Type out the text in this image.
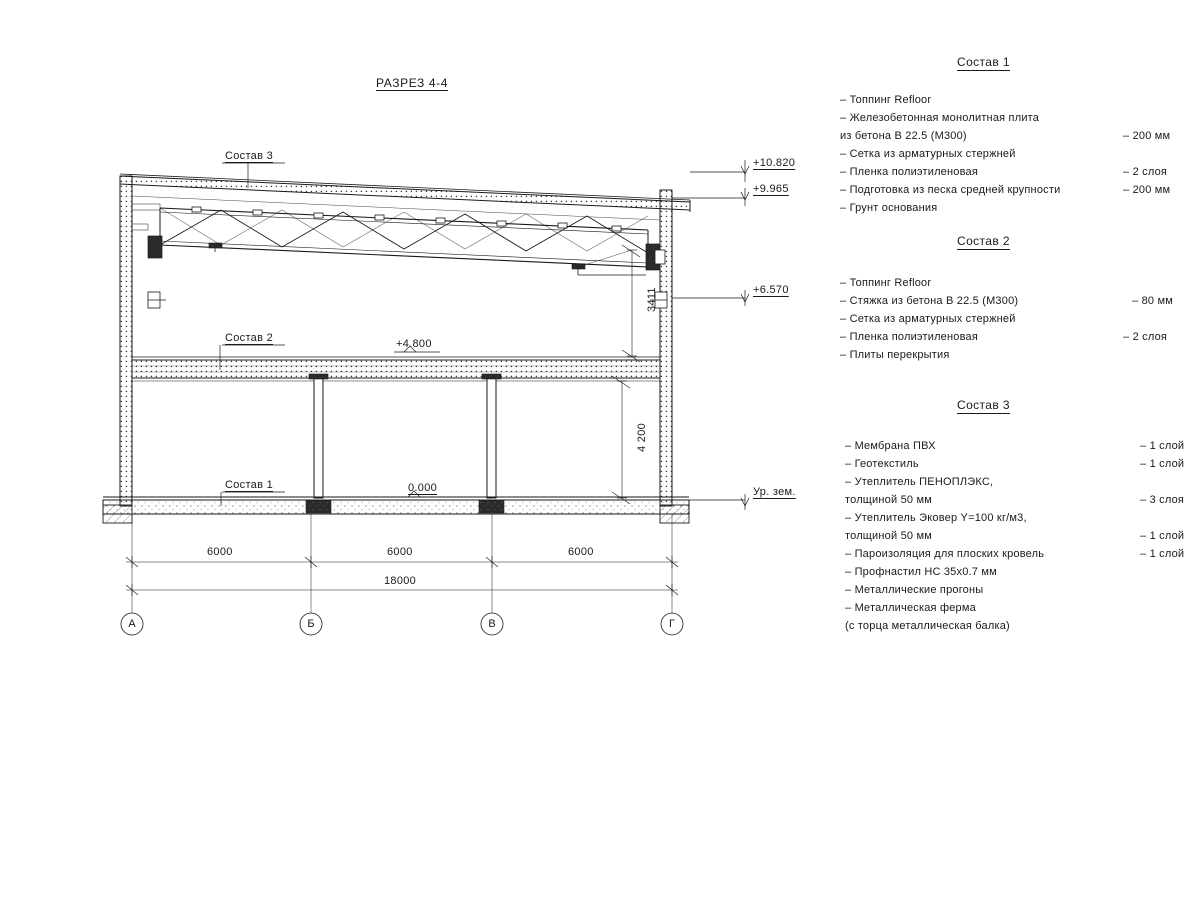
РАЗРЕЗ 4-4
Состав 3
Состав 2
Состав 1
+4.800
0.000
+10.820
+9.965
+6.570
Ур. зем.
3411
4 200
6000	6000	6000
18000
А	Б	В	Г
Состав 1
– Топпинг Refloor
– Железобетонная монолитная плита
из бетона B 22.5 (М300)	– 200 мм
– Сетка из арматурных стержней
– Пленка полиэтиленовая	– 2 слоя
– Подготовка из песка средней крупности	– 200 мм
– Грунт основания
Состав 2
– Топпинг Refloor
– Стяжка из бетона B 22.5 (М300)	– 80 мм
– Сетка из арматурных стержней
– Пленка полиэтиленовая	– 2 слоя
– Плиты перекрытия
Состав 3
– Мембрана ПВХ	– 1 слой
– Геотекстиль	– 1 слой
– Утеплитель ПЕНОПЛЭКС,
толщиной 50 мм	– 3 слоя
– Утеплитель Эковер Y=100 кг/м3,
толщиной 50 мм	– 1 слой
– Пароизоляция для плоских кровель	– 1 слой
– Профнастил НС 35х0.7 мм
– Металлические прогоны
– Металлическая ферма
(с торца металлическая балка)
